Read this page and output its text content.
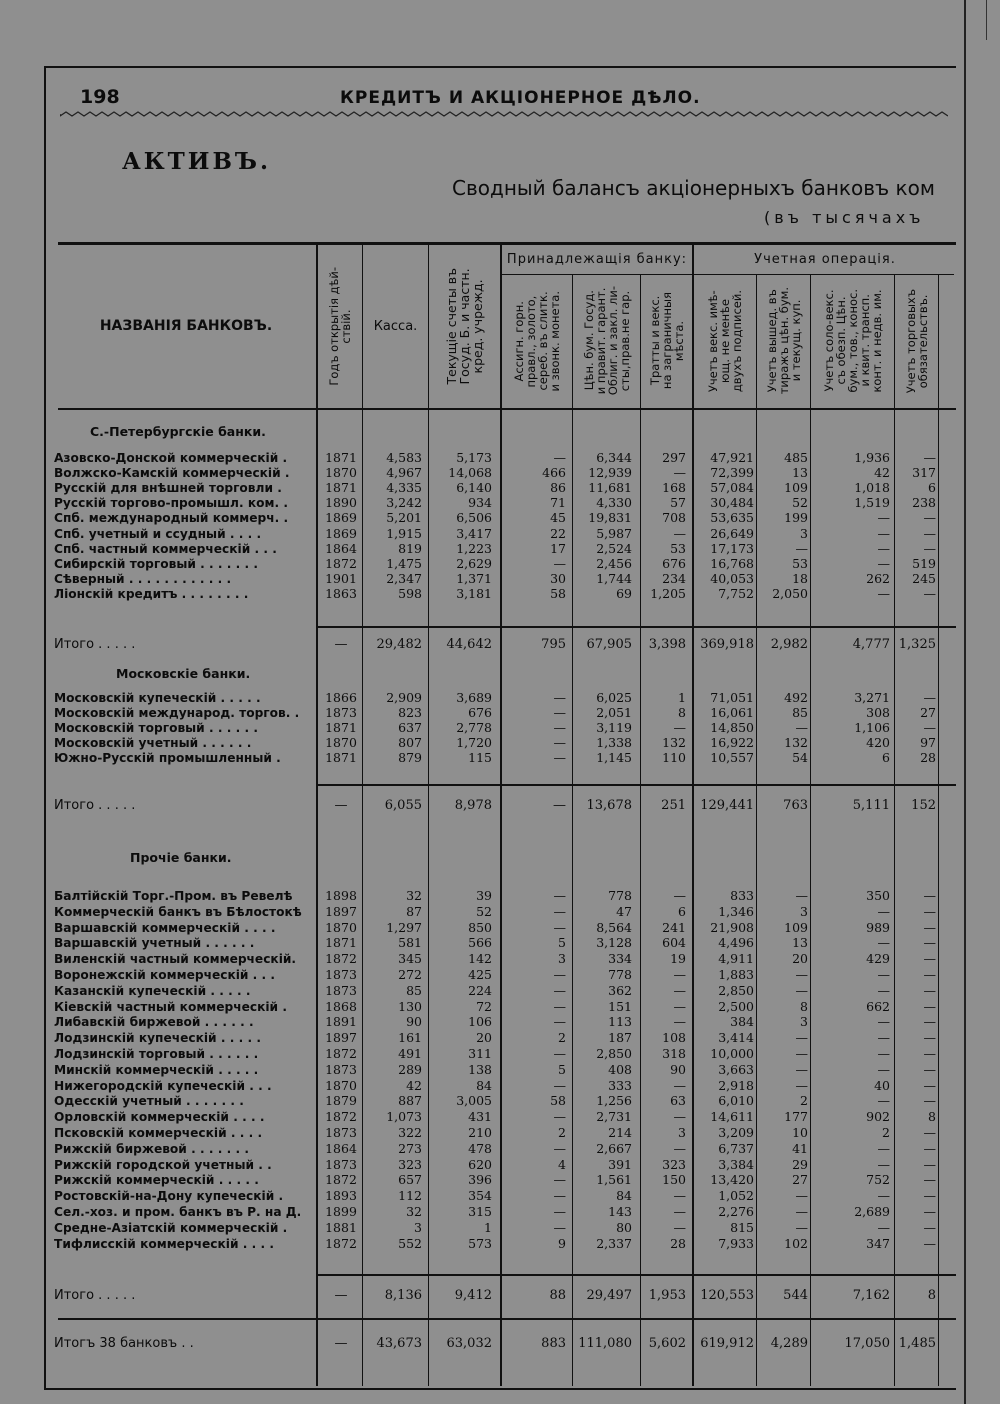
198	КРЕДИТЪ И АКЦІОНЕРНОЕ ДѢЛО.
АКТИВЪ.
Сводный балансъ акціонерныхъ банковъ ком
(въ тысячахъ
НАЗВАНІЯ БАНКОВЪ.
Годъ открытія дѣй-
ствій. Касса.
Текущіе счеты въ
Госуд. Б. и частн.
кред. учрежд.
Принадлежащія банку:	Учетная операція.
Ассигн. горн.
правл., золото,
сереб. въ слитк.
и звонк. монета.
Цѣн. бум. Госуд.
и правит. гарант.
Облиг. и закл. ли-
сты,прав.не гар.
Тратты и векс.
на заграничныя
мѣста.
Учетъ векс. имѣ-
ющ. не менѣе
двухъ подписей.
Учетъ вышед. въ
тиражъ цѣн. бум.
и текущ. куп.
Учетъ соло-векс.
съ обезп. Цѣн.
бум., тов., конос.
и квит. трансп.
конт. и недв. им.
Учетъ торговыхъ
обязательствъ.
С.-Петербургскіе банки.
Московскіе банки.
Прочіе банки.
Азовско-Донской коммерческій .	1871	4,583	5,173	—	6,344	297	47,921	485	1,936	—
Волжско-Камскій коммерческій .	1870	4,967	14,068	466	12,939	—	72,399	13	42	317
Русскій для внѣшней торговли .	1871	4,335	6,140	86	11,681	168	57,084	109	1,018	6
Русскій торгово-промышл. ком. .	1890	3,242	934	71	4,330	57	30,484	52	1,519	238
Спб. международный коммерч. .	1869	5,201	6,506	45	19,831	708	53,635	199	—	—
Спб. учетный и ссудный . . . .	1869	1,915	3,417	22	5,987	—	26,649	3	—	—
Спб. частный коммерческій . . .	1864	819	1,223	17	2,524	53	17,173	—	—	—
Сибирскій торговый . . . . . . .	1872	1,475	2,629	—	2,456	676	16,768	53	—	519
Сѣверный . . . . . . . . . . . .	1901	2,347	1,371	30	1,744	234	40,053	18	262	245
Ліонскій кредитъ . . . . . . . .	1863	598	3,181	58	69	1,205	7,752	2,050	—	—
Московскій купеческій . . . . .	1866	2,909	3,689	—	6,025	1	71,051	492	3,271	—
Московскій международ. торгов. .	1873	823	676	—	2,051	8	16,061	85	308	27
Московскій торговый . . . . . .	1871	637	2,778	—	3,119	—	14,850	—	1,106	—
Московскій учетный . . . . . .	1870	807	1,720	—	1,338	132	16,922	132	420	97
Южно-Русскій промышленный .	1871	879	115	—	1,145	110	10,557	54	6	28
Балтійскій Торг.-Пром. въ Ревелѣ	1898	32	39	—	778	—	833	—	350	—
Коммерческій банкъ въ Бѣлостокѣ	1897	87	52	—	47	6	1,346	3	—	—
Варшавскій коммерческій . . . .	1870	1,297	850	—	8,564	241	21,908	109	989	—
Варшавскій учетный . . . . . .	1871	581	566	5	3,128	604	4,496	13	—	—
Виленскій частный коммерческій.	1872	345	142	3	334	19	4,911	20	429	—
Воронежскій коммерческій . . .	1873	272	425	—	778	—	1,883	—	—	—
Казанскій купеческій . . . . .	1873	85	224	—	362	—	2,850	—	—	—
Кіевскій частный коммерческій .	1868	130	72	—	151	—	2,500	8	662	—
Либавскій биржевой . . . . . .	1891	90	106	—	113	—	384	3	—	—
Лодзинскій купеческій . . . . .	1897	161	20	2	187	108	3,414	—	—	—
Лодзинскій торговый . . . . . .	1872	491	311	—	2,850	318	10,000	—	—	—
Минскій коммерческій . . . . .	1873	289	138	5	408	90	3,663	—	—	—
Нижегородскій купеческій . . .	1870	42	84	—	333	—	2,918	—	40	—
Одесскій учетный . . . . . . .	1879	887	3,005	58	1,256	63	6,010	2	—	—
Орловскій коммерческій . . . .	1872	1,073	431	—	2,731	—	14,611	177	902	8
Псковскій коммерческій . . . .	1873	322	210	2	214	3	3,209	10	2	—
Рижскій биржевой . . . . . . .	1864	273	478	—	2,667	—	6,737	41	—	—
Рижскій городской учетный . .	1873	323	620	4	391	323	3,384	29	—	—
Рижскій коммерческій . . . . .	1872	657	396	—	1,561	150	13,420	27	752	—
Ростовскій-на-Дону купеческій .	1893	112	354	—	84	—	1,052	—	—	—
Сел.-хоз. и пром. банкъ въ Р. на Д.	1899	32	315	—	143	—	2,276	—	2,689	—
Средне-Азіатскій коммерческій .	1881	3	1	—	80	—	815	—	—	—
Тифлисскій коммерческій . . . .	1872	552	573	9	2,337	28	7,933	102	347	—
Итого . . . . .	—	29,482	44,642	795	67,905	3,398	369,918	2,982	4,777 1,325
Итого . . . . .	—	6,055	8,978	—	13,678	251	129,441	763	5,111	152
Итого . . . . .	—	8,136	9,412	88	29,497	1,953	120,553	544	7,162	8
Итогъ 38 банковъ . .	—	43,673	63,032	883 111,080	5,602	619,912	4,289	17,050 1,485
